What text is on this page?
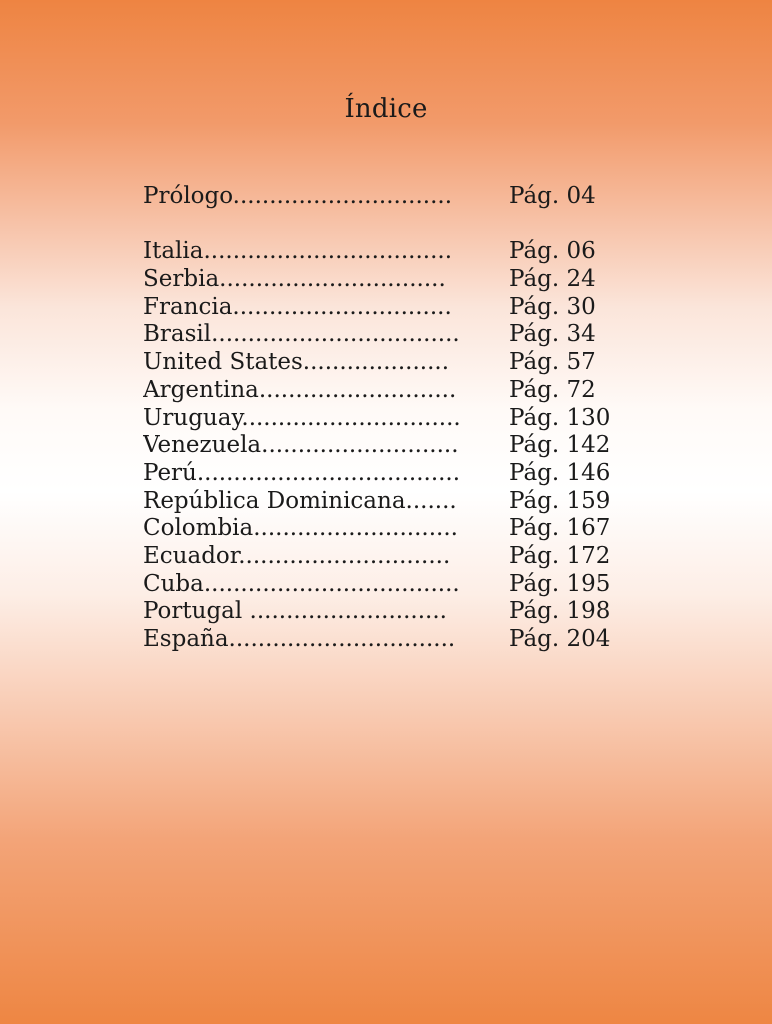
Índice
Prólogo..............................	Pág. 04
Italia..................................	Pág. 06
Serbia...............................	Pág. 24
Francia..............................	Pág. 30
Brasil.................................. Pág. 34
United States....................	Pág. 57
Argentina........................... Pág. 72
Uruguay.............................. Pág. 130
Venezuela........................... Pág. 142
Perú.................................... Pág. 146
República Dominicana....... Pág. 159
Colombia............................ Pág. 167
Ecuador.............................	Pág. 172
Cuba................................... Pág. 195
Portugal ...........................	Pág. 198
España............................... Pág. 204
